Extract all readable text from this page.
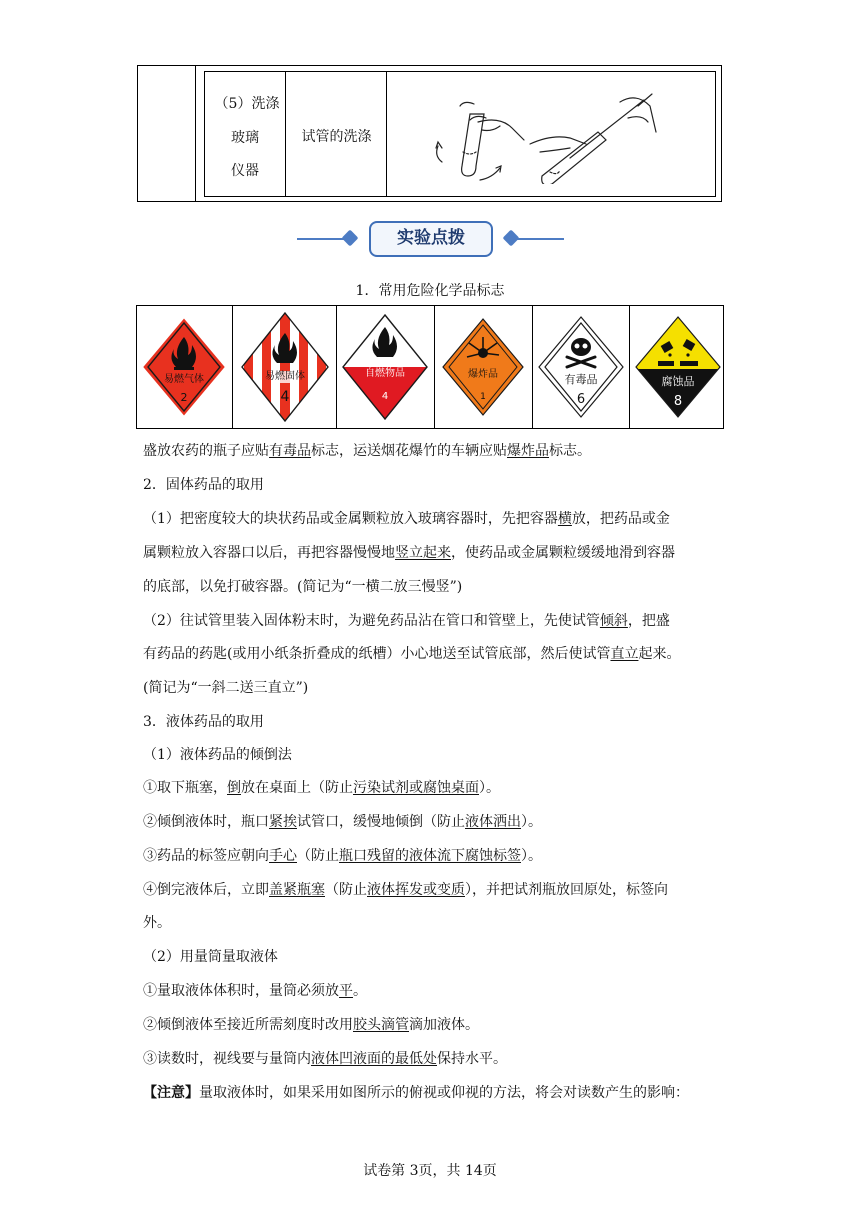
（5）洗涤
玻璃
仪器
试管的洗涤
实验点拨
1．常用危险化学品标志
易燃气体
2
易燃固体
4
自燃物品
4
爆炸品
1
有毒品
6
腐蚀品
8
盛放农药的瓶子应贴有毒品标志，运送烟花爆竹的车辆应贴爆炸品标志。
2．固体药品的取用
（1）把密度较大的块状药品或金属颗粒放入玻璃容器时，先把容器横放，把药品或金
属颗粒放入容器口以后，再把容器慢慢地竖立起来，使药品或金属颗粒缓缓地滑到容器
的底部，以免打破容器。(简记为“一横二放三慢竖”)
（2）往试管里装入固体粉末时，为避免药品沾在管口和管壁上，先使试管倾斜，把盛
有药品的药匙(或用小纸条折叠成的纸槽）小心地送至试管底部，然后使试管直立起来。
(简记为“一斜二送三直立”)
3．液体药品的取用
（1）液体药品的倾倒法
①取下瓶塞，倒放在桌面上（防止污染试剂或腐蚀桌面）。
②倾倒液体时，瓶口紧挨试管口，缓慢地倾倒（防止液体洒出）。
③药品的标签应朝向手心（防止瓶口残留的液体流下腐蚀标签）。
④倒完液体后，立即盖紧瓶塞（防止液体挥发或变质），并把试剂瓶放回原处，标签向
外。
（2）用量筒量取液体
①量取液体体积时，量筒必须放平。
②倾倒液体至接近所需刻度时改用胶头滴管滴加液体。
③读数时，视线要与量筒内液体凹液面的最低处保持水平。
【注意】量取液体时，如果采用如图所示的俯视或仰视的方法，将会对读数产生的影响：
试卷第 3页，共 14页
